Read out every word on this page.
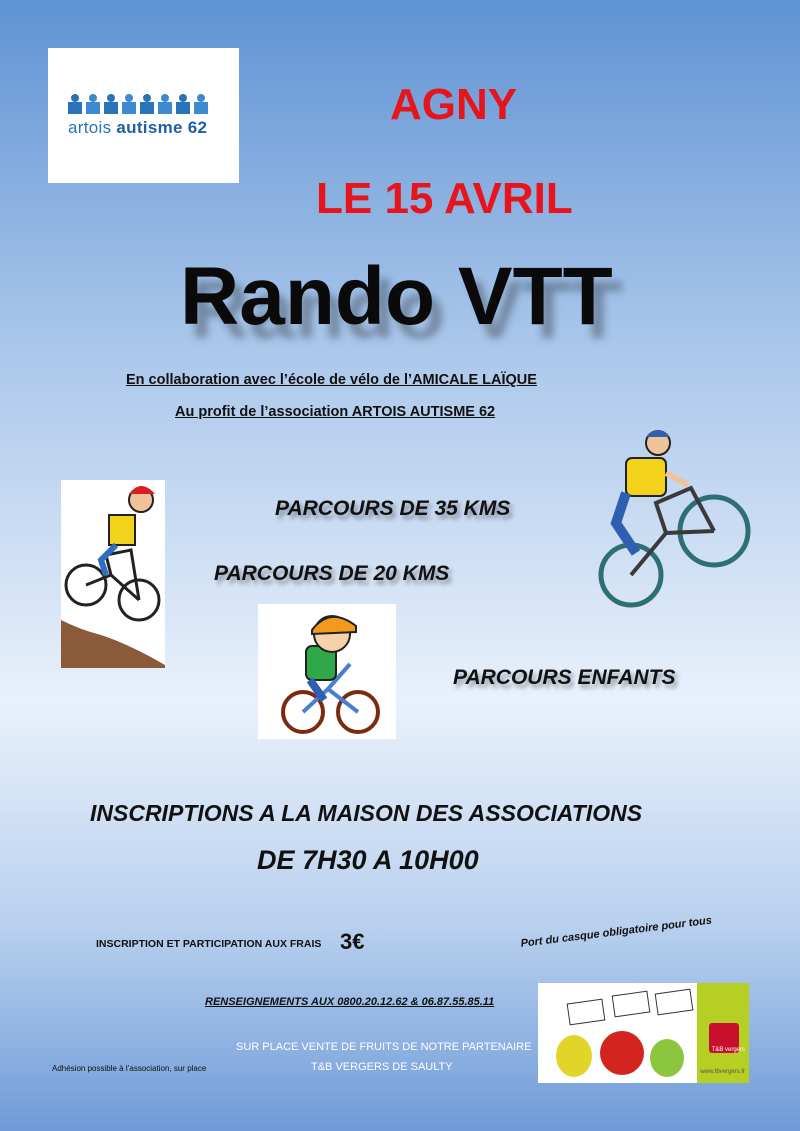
artois autisme 62	AGNY
LE 15 AVRIL
Rando VTT
En collaboration avec l’école de vélo de l’AMICALE LAÏQUE
Au profit de l’association ARTOIS AUTISME 62
PARCOURS DE 35 KMS
PARCOURS DE 20 KMS
PARCOURS ENFANTS
INSCRIPTIONS A LA MAISON DES ASSOCIATIONS
DE 7H30 A 10H00
INSCRIPTION ET PARTICIPATION AUX FRAIS 3€	Port du casque obligatoire pour tous
RENSEIGNEMENTS AUX 0800.20.12.62 & 06.87.55.85.11
SUR PLACE VENTE DE FRUITS DE NOTRE PARTENAIRE
T&B VERGERS DE SAULTY
Adhésion possible à l’association, sur place
T&B vergers
www.tbvergers.fr
